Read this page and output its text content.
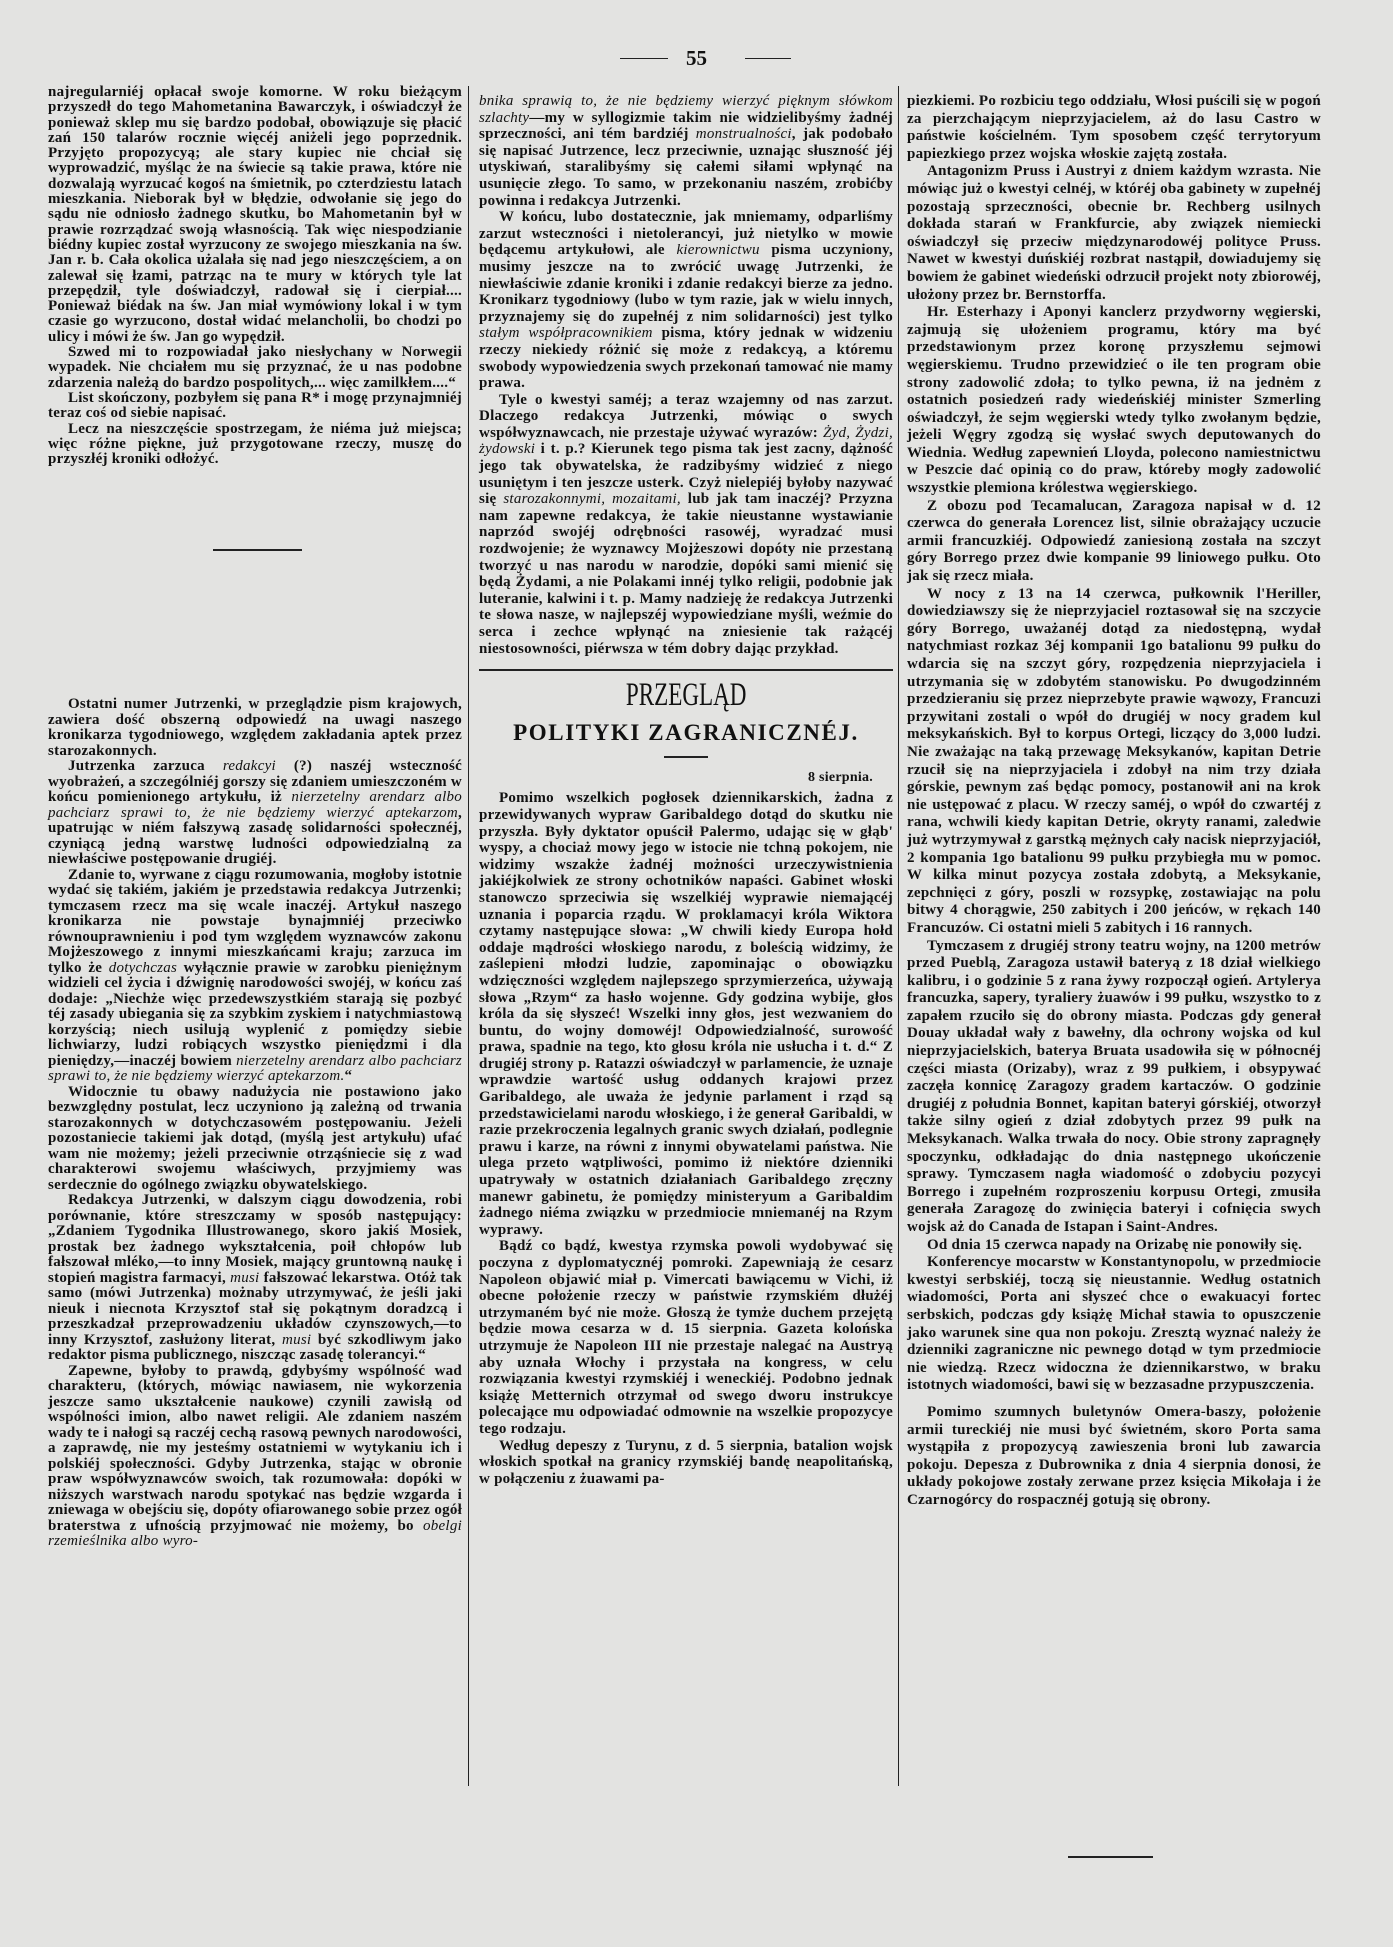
55

najregularniéj opłacał swoje komorne. W roku bieżącym przyszedł do tego Mahometanina Bawarczyk, i oświadczył że ponieważ sklep mu się bardzo podobał, obowiązuje się płacić zań 150 talarów rocznie więcéj aniżeli jego poprzednik. Przyjęto propozycyą; ale stary kupiec nie chciał się wyprowadzić, myśląc że na świecie są takie prawa, które nie dozwalają wyrzucać kogoś na śmietnik, po czterdziestu latach mieszkania. Nieborak był w błędzie, odwołanie się jego do sądu nie odniosło żadnego skutku, bo Mahometanin był w prawie rozrządzać swoją własnością. Tak więc niespodzianie biédny kupiec został wyrzucony ze swojego mieszkania na św. Jan r. b. Cała okolica użalała się nad jego nieszczęściem, a on zalewał się łzami, patrząc na te mury w których tyle lat przepędził, tyle doświadczył, radował się i cierpiał.... Ponieważ biédak na św. Jan miał wymówiony lokal i w tym czasie go wyrzucono, dostał widać melancholii, bo chodzi po ulicy i mówi że św. Jan go wypędził.

Szwed mi to rozpowiadał jako niesłychany w Norwegii wypadek. Nie chciałem mu się przyznać, że u nas podobne zdarzenia należą do bardzo pospolitych,... więc zamilkłem....“

List skończony, pozbyłem się pana R* i mogę przynajmniéj teraz coś od siebie napisać.

Lecz na nieszczęście spostrzegam, że niéma już miejsca; więc różne piękne, już przygotowane rzeczy, muszę do przyszłéj kroniki odłożyć.

Ostatni numer Jutrzenki, w przeglądzie pism krajowych, zawiera dość obszerną odpowiedź na uwagi naszego kronikarza tygodniowego, względem zakładania aptek przez starozakonnych.

Jutrzenka zarzuca redakcyi (?) naszéj wsteczność wyobrażeń, a szczególniéj gorszy się zdaniem umieszczoném w końcu pomienionego artykułu, iż nierzetelny arendarz albo pachciarz sprawi to, że nie będziemy wierzyć aptekarzom, upatrując w niém fałszywą zasadę solidarności społecznéj, czyniącą jedną warstwę ludności odpowiedzialną za niewłaściwe postępowanie drugiéj.

Zdanie to, wyrwane z ciągu rozumowania, mogłoby istotnie wydać się takiém, jakiém je przedstawia redakcya Jutrzenki; tymczasem rzecz ma się wcale inaczéj. Artykuł naszego kronikarza nie powstaje bynajmniéj przeciwko równouprawnieniu i pod tym względem wyznawców zakonu Mojżeszowego z innymi mieszkańcami kraju; zarzuca im tylko że dotychczas wyłącznie prawie w zarobku pieniężnym widzieli cel życia i dźwignię narodowości swojéj, w końcu zaś dodaje: „Niechże więc przedewszystkiém starają się pozbyć téj zasady ubiegania się za szybkim zyskiem i natychmiastową korzyścią; niech usilują wyplenić z pomiędzy siebie lichwiarzy, ludzi robiących wszystko pieniędzmi i dla pieniędzy,—inaczéj bowiem nierzetelny arendarz albo pachciarz sprawi to, że nie będziemy wierzyć aptekarzom.“

Widocznie tu obawy nadużycia nie postawiono jako bezwzględny postulat, lecz uczyniono ją zależną od trwania starozakonnych w dotychczasowém postępowaniu. Jeżeli pozostaniecie takiemi jak dotąd, (myślą jest artykułu) ufać wam nie możemy; jeżeli przeciwnie otrząśniecie się z wad charakterowi swojemu właściwych, przyjmiemy was serdecznie do ogólnego związku obywatelskiego.

Redakcya Jutrzenki, w dalszym ciągu dowodzenia, robi porównanie, które streszczamy w sposób następujący: „Zdaniem Tygodnika Illustrowanego, skoro jakiś Mosiek, prostak bez żadnego wykształcenia, poił chłopów lub fałszował mléko,—to inny Mosiek, mający gruntowną naukę i stopień magistra farmacyi, musi fałszować lekarstwa. Otóż tak samo (mówi Jutrzenka) możnaby utrzymywać, że jeśli jaki nieuk i niecnota Krzysztof stał się pokątnym doradzcą i przeszkadzał przeprowadzeniu układów czynszowych,—to inny Krzysztof, zasłużony literat, musi być szkodliwym jako redaktor pisma publicznego, niszcząc zasadę tolerancyi.“

Zapewne, byłoby to prawdą, gdybyśmy wspólność wad charakteru, (których, mówiąc nawiasem, nie wykorzenia jeszcze samo ukształcenie naukowe) czynili zawisłą od wspólności imion, albo nawet religii. Ale zdaniem naszém wady te i nałogi są raczéj cechą rasową pewnych narodowości, a zaprawdę, nie my jesteśmy ostatniemi w wytykaniu ich i polskiéj społeczności. Gdyby Jutrzenka, stając w obronie praw współwyznawców swoich, tak rozumowała: dopóki w niższych warstwach narodu spotykać nas będzie wzgarda i zniewaga w obejściu się, dopóty ofiarowanego sobie przez ogół braterstwa z ufnością przyjmować nie możemy, bo obelgi rzemieślnika albo wyro-

bnika sprawią to, że nie będziemy wierzyć pięknym słówkom szlachty—my w syllogizmie takim nie widzielibyśmy żadnéj sprzeczności, ani tém bardziéj monstrualności, jak podobało się napisać Jutrzence, lecz przeciwnie, uznając słuszność jéj utyskiwań, staralibyśmy się całemi siłami wpłynąć na usunięcie złego. To samo, w przekonaniu naszém, zrobićby powinna i redakcya Jutrzenki.

W końcu, lubo dostatecznie, jak mniemamy, odparliśmy zarzut wsteczności i nietolerancyi, już nietylko w mowie będącemu artykułowi, ale kierownictwu pisma uczyniony, musimy jeszcze na to zwrócić uwagę Jutrzenki, że niewłaściwie zdanie kroniki i zdanie redakcyi bierze za jedno. Kronikarz tygodniowy (lubo w tym razie, jak w wielu innych, przyznajemy się do zupełnéj z nim solidarności) jest tylko stałym współpracownikiem pisma, który jednak w widzeniu rzeczy niekiedy różnić się może z redakcyą, a któremu swobody wypowiedzenia swych przekonań tamować nie mamy prawa.

Tyle o kwestyi saméj; a teraz wzajemny od nas zarzut. Dlaczego redakcya Jutrzenki, mówiąc o swych współwyznawcach, nie przestaje używać wyrazów: Żyd, Żydzi, żydowski i t. p.? Kierunek tego pisma tak jest zacny, dążność jego tak obywatelska, że radzibyśmy widzieć z niego usuniętym i ten jeszcze usterk. Czyż nielepiéj byłoby nazywać się starozakonnymi, mozaitami, lub jak tam inaczéj? Przyzna nam zapewne redakcya, że takie nieustanne wystawianie naprzód swojéj odrębności rasowéj, wyradzać musi rozdwojenie; że wyznawcy Mojżeszowi dopóty nie przestaną tworzyć u nas narodu w narodzie, dopóki sami mienić się będą Żydami, a nie Polakami innéj tylko religii, podobnie jak luteranie, kalwini i t. p. Mamy nadzieję że redakcya Jutrzenki te słowa nasze, w najlepszéj wypowiedziane myśli, weźmie do serca i zechce wpłynąć na zniesienie tak rażącéj niestosowności, piérwsza w tém dobry dając przykład.

PRZEGLĄD
POLITYKI ZAGRANICZNÉJ.
8 sierpnia.

Pomimo wszelkich pogłosek dziennikarskich, żadna z przewidywanych wypraw Garibaldego dotąd do skutku nie przyszła. Były dyktator opuścił Palermo, udając się w głąb' wyspy, a chociaż mowy jego w istocie nie tchną pokojem, nie widzimy wszakże żadnéj możności urzeczywistnienia jakiéjkolwiek ze strony ochotników napaści. Gabinet włoski stanowczo sprzeciwia się wszelkiéj wyprawie niemającéj uznania i poparcia rządu. W proklamacyi króla Wiktora czytamy następujące słowa: „W chwili kiedy Europa hołd oddaje mądrości włoskiego narodu, z boleścią widzimy, że zaślepieni młodzi ludzie, zapominając o obowiązku wdzięczności względem najlepszego sprzymierzeńca, używają słowa „Rzym“ za hasło wojenne. Gdy godzina wybije, głos króla da się słyszeć! Wszelki inny głos, jest wezwaniem do buntu, do wojny domowéj! Odpowiedzialność, surowość prawa, spadnie na tego, kto głosu króla nie usłucha i t. d.“ Z drugiéj strony p. Ratazzi oświadczył w parlamencie, że uznaje wprawdzie wartość usług oddanych krajowi przez Garibaldego, ale uważa że jedynie parlament i rząd są przedstawicielami narodu włoskiego, i że generał Garibaldi, w razie przekroczenia legalnych granic swych działań, podlegnie prawu i karze, na równi z innymi obywatelami państwa. Nie ulega przeto wątpliwości, pomimo iż niektóre dzienniki upatrywały w ostatnich działaniach Garibaldego zręczny manewr gabinetu, że pomiędzy ministeryum a Garibaldim żadnego niéma związku w przedmiocie mniemanéj na Rzym wyprawy.

Bądź co bądź, kwestya rzymska powoli wydobywać się poczyna z dyplomatycznéj pomroki. Zapewniają że cesarz Napoleon objawić miał p. Vimercati bawiącemu w Vichi, iż obecne położenie rzeczy w państwie rzymskiém dłużéj utrzymaném być nie może. Głoszą że tymże duchem przejętą będzie mowa cesarza w d. 15 sierpnia. Gazeta kolońska utrzymuje że Napoleon III nie przestaje nalegać na Austryą aby uznała Włochy i przystała na kongress, w celu rozwiązania kwestyi rzymskiéj i weneckiéj. Podobno jednak książę Metternich otrzymał od swego dworu instrukcye polecające mu odpowiadać odmownie na wszelkie propozycye tego rodzaju.

Według depeszy z Turynu, z d. 5 sierpnia, batalion wojsk włoskich spotkał na granicy rzymskiéj bandę neapolitańską, w połączeniu z żuawami pa-

piezkiemi. Po rozbiciu tego oddziału, Włosi puścili się w pogoń za pierzchającym nieprzyjacielem, aż do lasu Castro w państwie kościelném. Tym sposobem część terrytoryum papiezkiego przez wojska włoskie zajętą została.

Antagonizm Pruss i Austryi z dniem każdym wzrasta. Nie mówiąc już o kwestyi celnéj, w któréj oba gabinety w zupełnéj pozostają sprzeczności, obecnie br. Rechberg usilnych dokłada starań w Frankfurcie, aby związek niemiecki oświadczył się przeciw międzynarodowéj polityce Pruss. Nawet w kwestyi duńskiéj rozbrat nastąpił, dowiadujemy się bowiem że gabinet wiedeński odrzucił projekt noty zbiorowéj, ułożony przez br. Bernstorffa.

Hr. Esterhazy i Aponyi kanclerz przydworny węgierski, zajmują się ułożeniem programu, który ma być przedstawionym przez koronę przyszłemu sejmowi węgierskiemu. Trudno przewidzieć o ile ten program obie strony zadowolić zdoła; to tylko pewna, iż na jednėm z ostatnich posiedzeń rady wiedeńskiéj minister Szmerling oświadczył, że sejm węgierski wtedy tylko zwołanym będzie, jeżeli Węgry zgodzą się wysłać swych deputowanych do Wiednia. Według zapewnień Lloyda, polecono namiestnictwu w Peszcie dać opinią co do praw, któreby mogły zadowolić wszystkie plemiona królestwa węgierskiego.

Z obozu pod Tecamalucan, Zaragoza napisał w d. 12 czerwca do generała Lorencez list, silnie obrażający uczucie armii francuzkiéj. Odpowiedź zaniesioną została na szczyt góry Borrego przez dwie kompanie 99 liniowego pułku. Oto jak się rzecz miała.

W nocy z 13 na 14 czerwca, pułkownik l'Heriller, dowiedziawszy się że nieprzyjaciel roztasował się na szczycie góry Borrego, uważanéj dotąd za niedostępną, wydał natychmiast rozkaz 3éj kompanii 1go batalionu 99 pułku do wdarcia się na szczyt góry, rozpędzenia nieprzyjaciela i utrzymania się w zdobytém stanowisku. Po dwugodzinném przedzieraniu się przez nieprzebyte prawie wąwozy, Francuzi przywitani zostali o wpół do drugiéj w nocy gradem kul meksykańskich. Był to korpus Ortegi, liczący do 3,000 ludzi. Nie zważając na taką przewagę Meksykanów, kapitan Detrie rzucił się na nieprzyjaciela i zdobył na nim trzy działa górskie, pewnym zaś będąc pomocy, postanowił ani na krok nie ustępować z placu. W rzeczy saméj, o wpół do czwartéj z rana, wchwili kiedy kapitan Detrie, okryty ranami, zaledwie już wytrzymywał z garstką mężnych cały nacisk nieprzyjaciół, 2 kompania 1go batalionu 99 pułku przybiegła mu w pomoc. W kilka minut pozycya została zdobytą, a Meksykanie, zepchnięci z góry, poszli w rozsypkę, zostawiając na polu bitwy 4 chorągwie, 250 zabitych i 200 jeńców, w rękach 140 Francuzów. Ci ostatni mieli 5 zabitych i 16 rannych.

Tymczasem z drugiéj strony teatru wojny, na 1200 metrów przed Pueblą, Zaragoza ustawił bateryą z 18 dział wielkiego kalibru, i o godzinie 5 z rana żywy rozpoczął ogień. Artylerya francuzka, sapery, tyraliery żuawów i 99 pułku, wszystko to z zapałem rzuciło się do obrony miasta. Podczas gdy generał Douay układał wały z bawełny, dla ochrony wojska od kul nieprzyjacielskich, baterya Bruata usadowiła się w północnéj części miasta (Orizaby), wraz z 99 pułkiem, i obsypywać zaczęła konnicę Zaragozy gradem kartaczów. O godzinie drugiéj z południa Bonnet, kapitan bateryi górskiéj, otworzył także silny ogień z dział zdobytych przez 99 pułk na Meksykanach. Walka trwała do nocy. Obie strony zapragnęły spoczynku, odkładając do dnia następnego ukończenie sprawy. Tymczasem nagła wiadomość o zdobyciu pozycyi Borrego i zupełném rozproszeniu korpusu Ortegi, zmusiła generała Zaragozę do zwinięcia bateryi i cofnięcia swych wojsk aż do Canada de Istapan i Saint-Andres.

Od dnia 15 czerwca napady na Orizabę nie ponowiły się.

Konferencye mocarstw w Konstantynopolu, w przedmiocie kwestyi serbskiéj, toczą się nieustannie. Według ostatnich wiadomości, Porta ani słyszeć chce o ewakuacyi fortec serbskich, podczas gdy książę Michał stawia to opuszczenie jako warunek sine qua non pokoju. Zresztą wyznać należy że dzienniki zagraniczne nic pewnego dotąd w tym przedmiocie nie wiedzą. Rzecz widoczna że dziennikarstwo, w braku istotnych wiadomości, bawi się w bezzasadne przypuszczenia.

Pomimo szumnych buletynów Omera-baszy, położenie armii tureckiéj nie musi być świetném, skoro Porta sama wystąpiła z propozycyą zawieszenia broni lub zawarcia pokoju. Depesza z Dubrownika z dnia 4 sierpnia donosi, że układy pokojowe zostały zerwane przez księcia Mikołaja i że Czarnogórcy do rospacznéj gotują się obrony.
